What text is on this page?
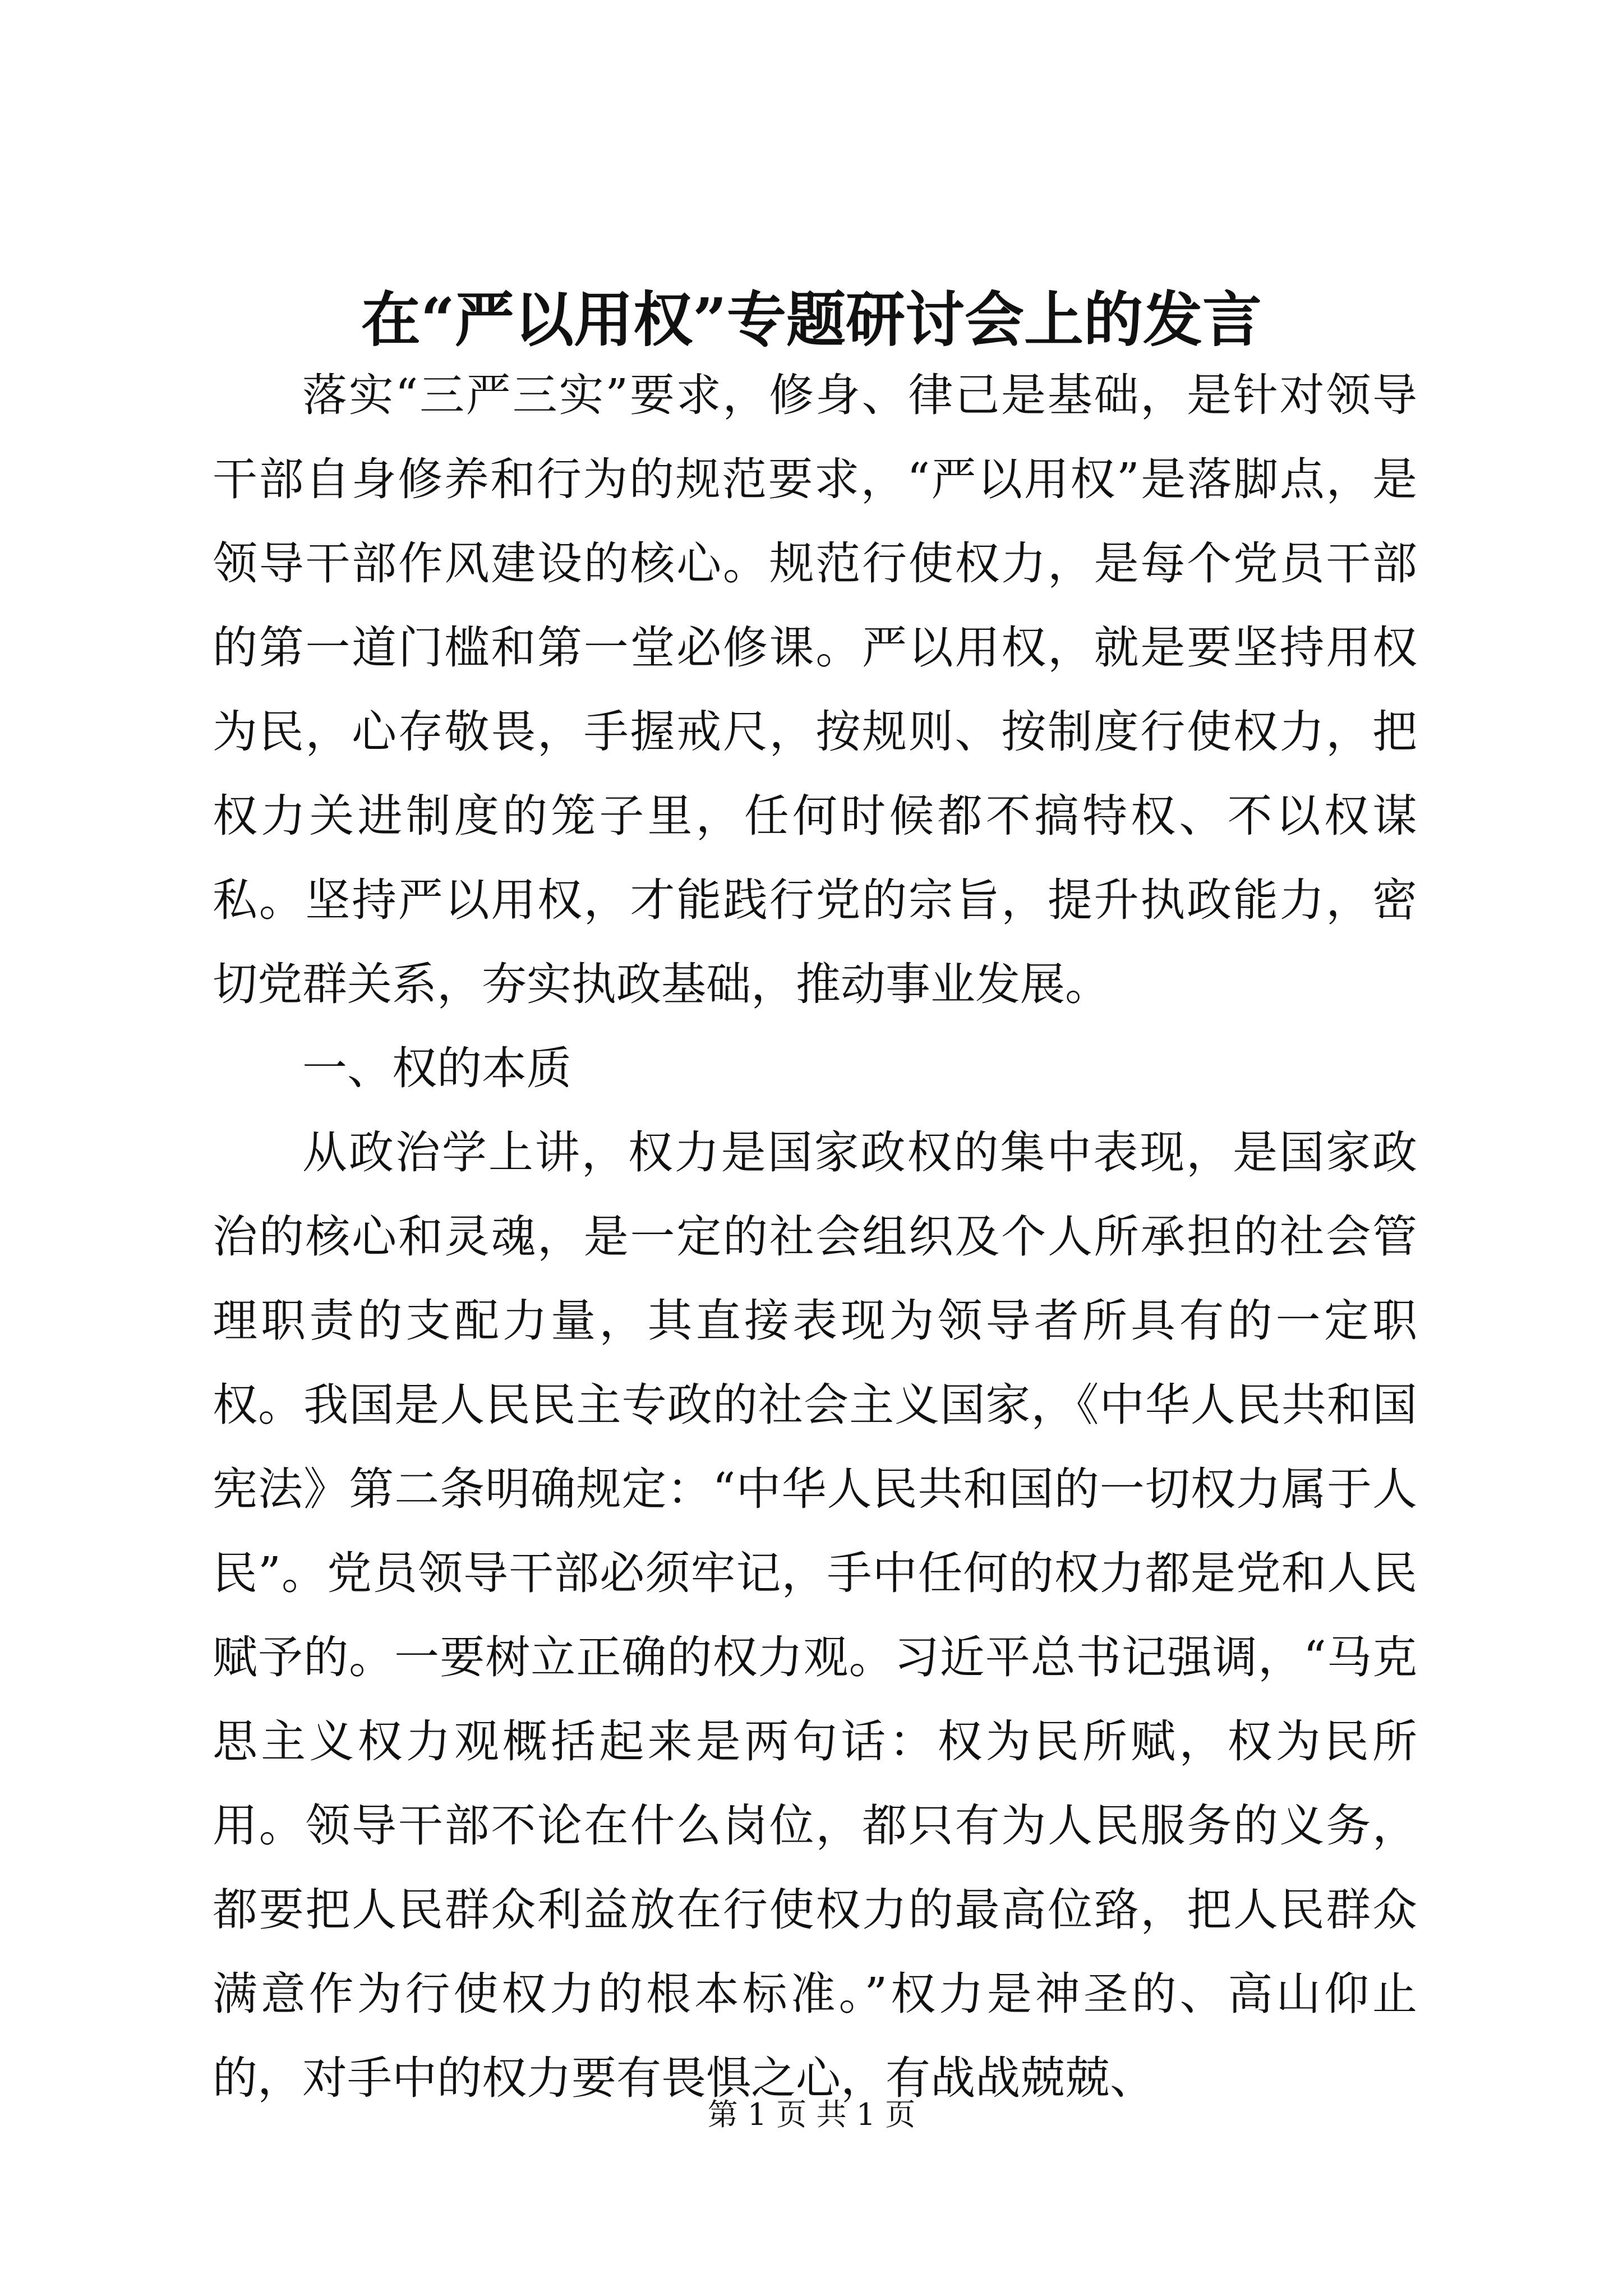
在“严以用权”专题研讨会上的发言

落实“三严三实”要求，修身、律己是基础，是针对领导干部自身修养和行为的规范要求，“严以用权”是落脚点，是领导干部作风建设的核心。规范行使权力，是每个党员干部的第一道门槛和第一堂必修课。严以用权，就是要坚持用权为民，心存敬畏，手握戒尺，按规则、按制度行使权力，把权力关进制度的笼子里，任何时候都不搞特权、不以权谋私。坚持严以用权，才能践行党的宗旨，提升执政能力，密切党群关系，夯实执政基础，推动事业发展。

一、权的本质

从政治学上讲，权力是国家政权的集中表现，是国家政治的核心和灵魂，是一定的社会组织及个人所承担的社会管理职责的支配力量，其直接表现为领导者所具有的一定职权。我国是人民民主专政的社会主义国家，《中华人民共和国宪法》第二条明确规定：“中华人民共和国的一切权力属于人民”。党员领导干部必须牢记，手中任何的权力都是党和人民赋予的。一要树立正确的权力观。习近平总书记强调，“马克思主义权力观概括起来是两句话：权为民所赋，权为民所用。领导干部不论在什么岗位，都只有为人民服务的义务，都要把人民群众利益放在行使权力的最高位臵，把人民群众满意作为行使权力的根本标准。”权力是神圣的、高山仰止的，对手中的权力要有畏惧之心，有战战兢兢、

第 1 页 共 1 页
